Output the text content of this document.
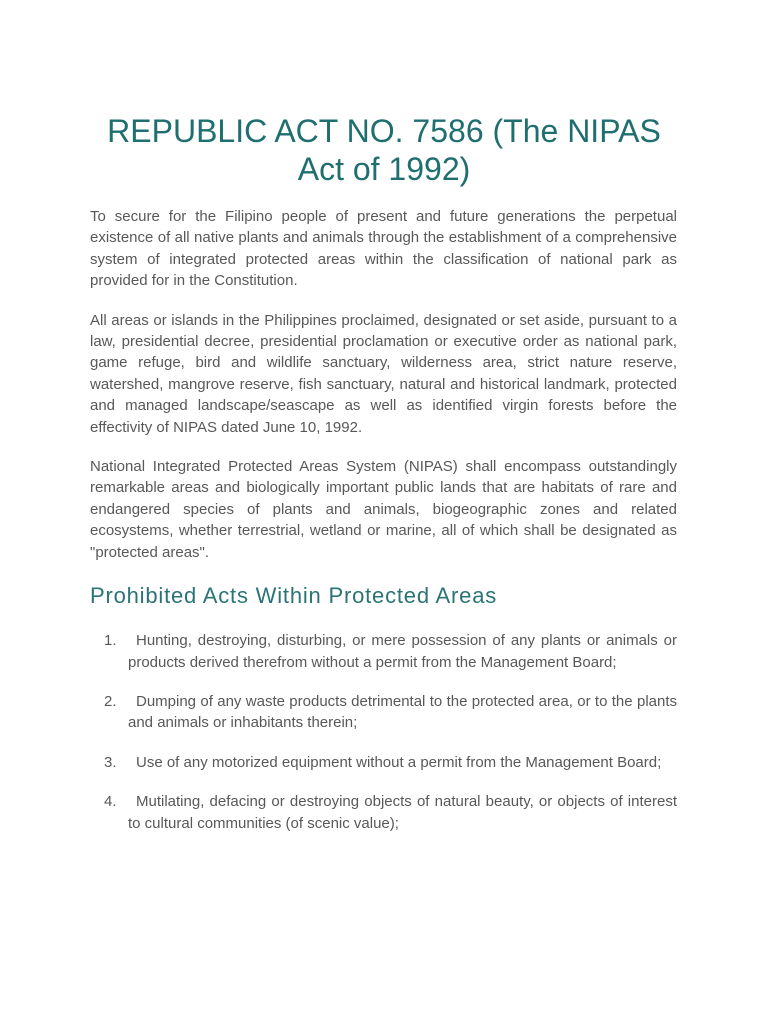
REPUBLIC ACT NO. 7586 (The NIPAS Act of 1992)

To secure for the Filipino people of present and future generations the perpetual existence of all native plants and animals through the establishment of a comprehensive system of integrated protected areas within the classification of national park as provided for in the Constitution.

All areas or islands in the Philippines proclaimed, designated or set aside, pursuant to a law, presidential decree, presidential proclamation or executive order as national park, game refuge, bird and wildlife sanctuary, wilderness area, strict nature reserve, watershed, mangrove reserve, fish sanctuary, natural and historical landmark, protected and managed landscape/seascape as well as identified virgin forests before the effectivity of NIPAS dated June 10, 1992.

National Integrated Protected Areas System (NIPAS) shall encompass outstandingly remarkable areas and biologically important public lands that are habitats of rare and endangered species of plants and animals, biogeographic zones and related ecosystems, whether terrestrial, wetland or marine, all of which shall be designated as "protected areas".

Prohibited Acts Within Protected Areas
1.	Hunting, destroying, disturbing, or mere possession of any plants or animals or products derived therefrom without a permit from the Management Board;
2.	Dumping of any waste products detrimental to the protected area, or to the plants and animals or inhabitants therein;
3.	Use of any motorized equipment without a permit from the Management Board;
4.	Mutilating, defacing or destroying objects of natural beauty, or objects of interest to cultural communities (of scenic value);
